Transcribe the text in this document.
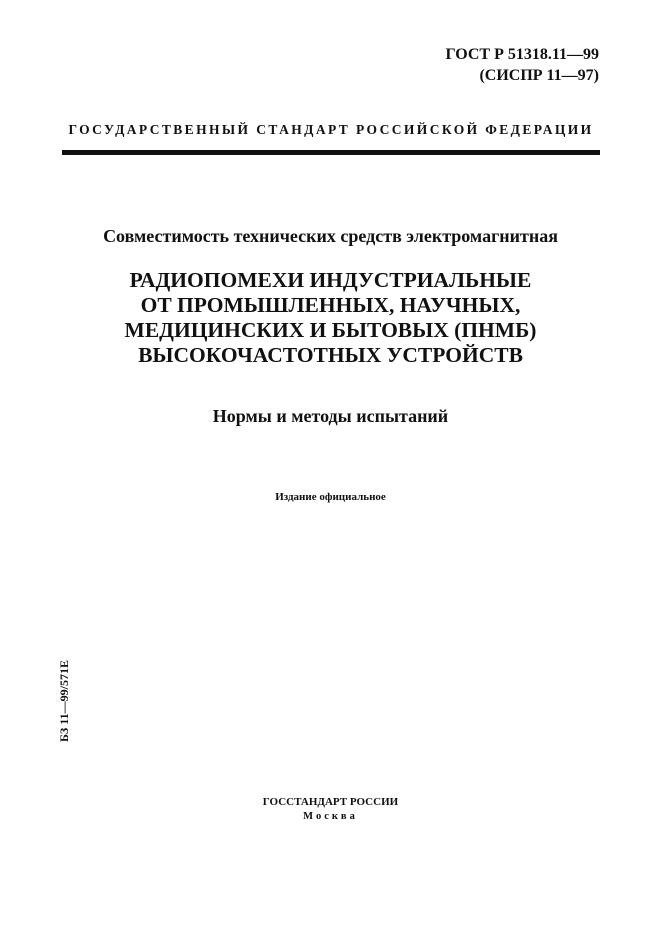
ГОСТ Р 51318.11—99
(СИСПР 11—97)
ГОСУДАРСТВЕННЫЙ СТАНДАРТ РОССИЙСКОЙ ФЕДЕРАЦИИ
Совместимость технических средств электромагнитная
РАДИОПОМЕХИ ИНДУСТРИАЛЬНЫЕ
ОТ ПРОМЫШЛЕННЫХ, НАУЧНЫХ,
МЕДИЦИНСКИХ И БЫТОВЫХ (ПНМБ)
ВЫСОКОЧАСТОТНЫХ УСТРОЙСТВ
Нормы и методы испытаний
Издание официальное
БЗ 11—99/571Е
ГОССТАНДАРТ РОССИИ
Москва
